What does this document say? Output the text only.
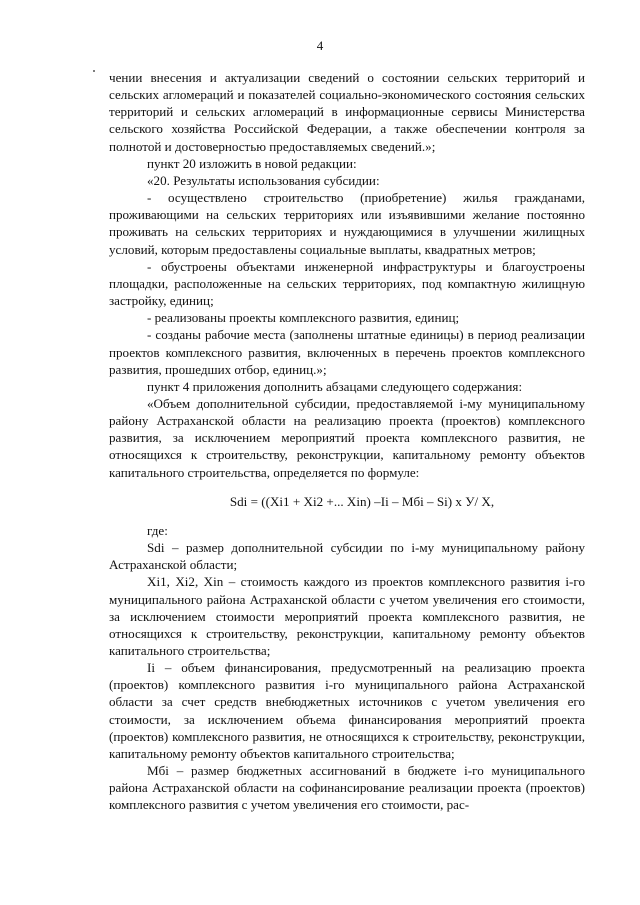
4

чении внесения и актуализации сведений о состоянии сельских территорий и сельских агломераций и показателей социально-экономического состояния сельских территорий и сельских агломераций в информационные сервисы Министерства сельского хозяйства Российской Федерации, а также обеспечении контроля за полнотой и достоверностью предоставляемых сведений.»;

пункт 20 изложить в новой редакции:

«20. Результаты использования субсидии:

- осуществлено строительство (приобретение) жилья гражданами, проживающими на сельских территориях или изъявившими желание постоянно проживать на сельских территориях и нуждающимися в улучшении жилищных условий, которым предоставлены социальные выплаты, квадратных метров;

- обустроены объектами инженерной инфраструктуры и благоустроены площадки, расположенные на сельских территориях, под компактную жилищную застройку, единиц;

- реализованы проекты комплексного развития, единиц;

- созданы рабочие места (заполнены штатные единицы) в период реализации проектов комплексного развития, включенных в перечень проектов комплексного развития, прошедших отбор, единиц.»;

пункт 4 приложения дополнить абзацами следующего содержания:

«Объем дополнительной субсидии, предоставляемой i-му муниципальному району Астраханской области на реализацию проекта (проектов) комплексного развития, за исключением мероприятий проекта комплексного развития, не относящихся к строительству, реконструкции, капитальному ремонту объектов капитального строительства, определяется по формуле:

Sdi = ((Xi1 + Xi2 +... Xin) –Ii – Мбi – Si) x У/ Х,

где:

Sdi – размер дополнительной субсидии по i-му муниципальному району Астраханской области;

Xi1, Xi2, Xin – стоимость каждого из проектов комплексного развития i-го муниципального района Астраханской области с учетом увеличения его стоимости, за исключением стоимости мероприятий проекта комплексного развития, не относящихся к строительству, реконструкции, капитальному ремонту объектов капитального строительства;

Ii – объем финансирования, предусмотренный на реализацию проекта (проектов) комплексного развития i-го муниципального района Астраханской области за счет средств внебюджетных источников с учетом увеличения его стоимости, за исключением объема финансирования мероприятий проекта (проектов) комплексного развития, не относящихся к строительству, реконструкции, капитальному ремонту объектов капитального строительства;

Мбi – размер бюджетных ассигнований в бюджете i-го муниципального района Астраханской области на софинансирование реализации проекта (проектов) комплексного развития с учетом увеличения его стоимости, рас-
